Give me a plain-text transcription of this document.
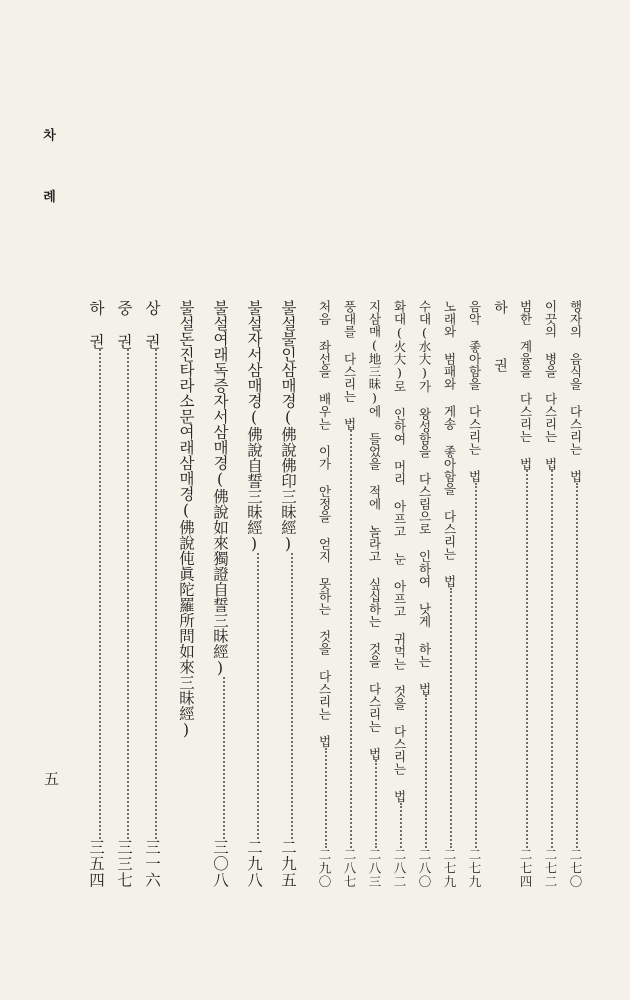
차 례
五
행자의 음식을 다스리는 법
二七〇
이끗의 병을 다스리는 법
二七二
범한 계율을 다스리는 법
二七四
하 권
음악 좋아함을 다스리는 법
二七九
노래와 범패와 게송 좋아함을 다스리는 법
二七九
수대(水大)가 왕성함을 다스림으로 인하여 낫게 하는 법
二八〇
화대(火大)로 인하여 머리 아프고 눈 아프고 귀먹는 것을 다스리는 법
二八二
지삼매(地三昧)에 들었을 적에 놀라고 싶십하는 것을 다스리는 법
二八三
풍대를 다스리는 법
二八七
처음 좌선을 배우는 이가 안정을 얻지 못하는 것을 다스리는 법
二九〇
불설불인삼매경(佛說佛印三昧經)
二九五
불설자서삼매경(佛說自誓三昧經)
二九八
불설여래독증자서삼매경(佛說如來獨證自誓三昧經)
三〇八
불설돈진타라소문여래삼매경(佛說伅眞陀羅所問如來三昧經)
상 권
三一六
중 권
三三七
하 권
三五四
